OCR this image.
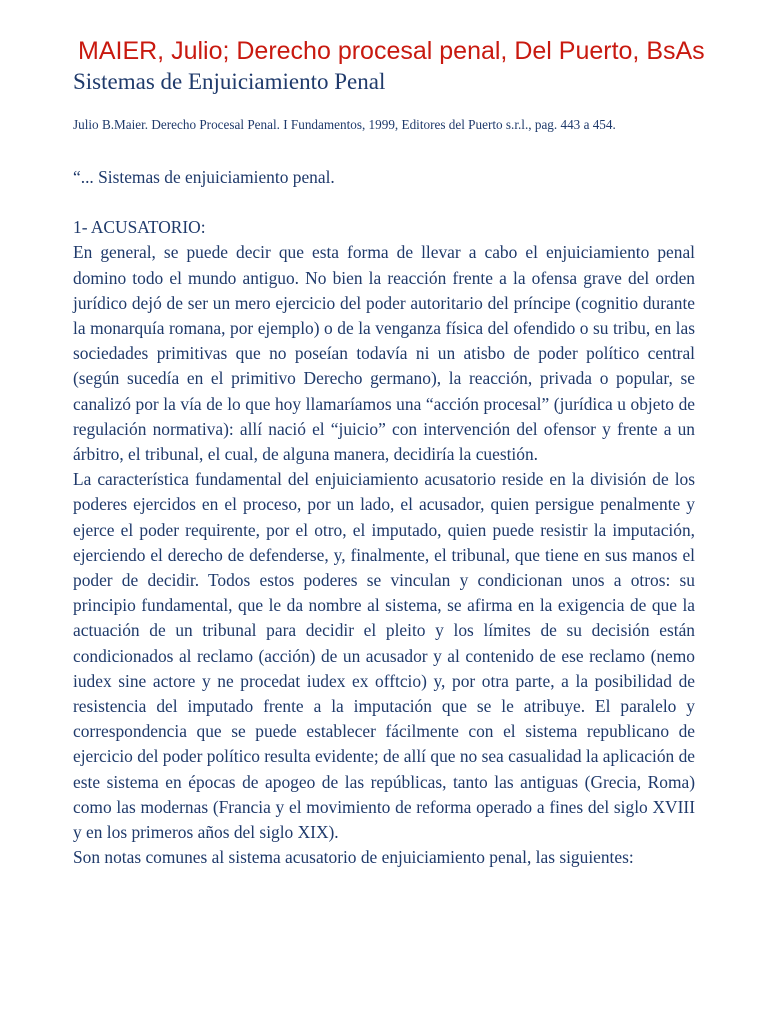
MAIER, Julio; Derecho procesal penal, Del Puerto, BsAs
Sistemas de Enjuiciamiento Penal
Julio B.Maier. Derecho Procesal Penal. I Fundamentos, 1999, Editores del Puerto s.r.l., pag. 443 a 454.
“... Sistemas de enjuiciamiento penal.
1- ACUSATORIO:

En general, se puede decir que esta forma de llevar a cabo el enjuiciamiento penal domino todo el mundo antiguo. No bien la reacción frente a la ofensa grave del orden jurídico dejó de ser un mero ejercicio del poder autoritario del príncipe (cognitio durante la monarquía romana, por ejemplo) o de la venganza física del ofendido o su tribu, en las sociedades primitivas que no poseían todavía ni un atisbo de poder político central (según sucedía en el primitivo Derecho germano), la reacción, privada o popular, se canalizó por la vía de lo que hoy llamaríamos una “acción procesal” (jurídica u objeto de regulación normativa): allí nació el “juicio” con intervención del ofensor y frente a un árbitro, el tribunal, el cual, de alguna manera, decidiría la cuestión.

La característica fundamental del enjuiciamiento acusatorio reside en la división de los poderes ejercidos en el proceso, por un lado, el acusador, quien persigue penalmente y ejerce el poder requirente, por el otro, el imputado, quien puede resistir la imputación, ejerciendo el derecho de defenderse, y, finalmente, el tribunal, que tiene en sus manos el poder de decidir. Todos estos poderes se vinculan y condicionan unos a otros: su principio fundamental, que le da nombre al sistema, se afirma en la exigencia de que la actuación de un tribunal para decidir el pleito y los límites de su decisión están condicionados al reclamo (acción) de un acusador y al contenido de ese reclamo (nemo iudex sine actore y ne procedat iudex ex offtcio) y, por otra parte, a la posibilidad de resistencia del imputado frente a la imputación que se le atribuye. El paralelo y correspondencia que se puede establecer fácilmente con el sistema republicano de ejercicio del poder político resulta evidente; de allí que no sea casualidad la aplicación de este sistema en épocas de apogeo de las repúblicas, tanto las antiguas (Grecia, Roma) como las modernas (Francia y el movimiento de reforma operado a fines del siglo XVIII y en los primeros años del siglo XIX).

Son notas comunes al sistema acusatorio de enjuiciamiento penal, las siguientes:
